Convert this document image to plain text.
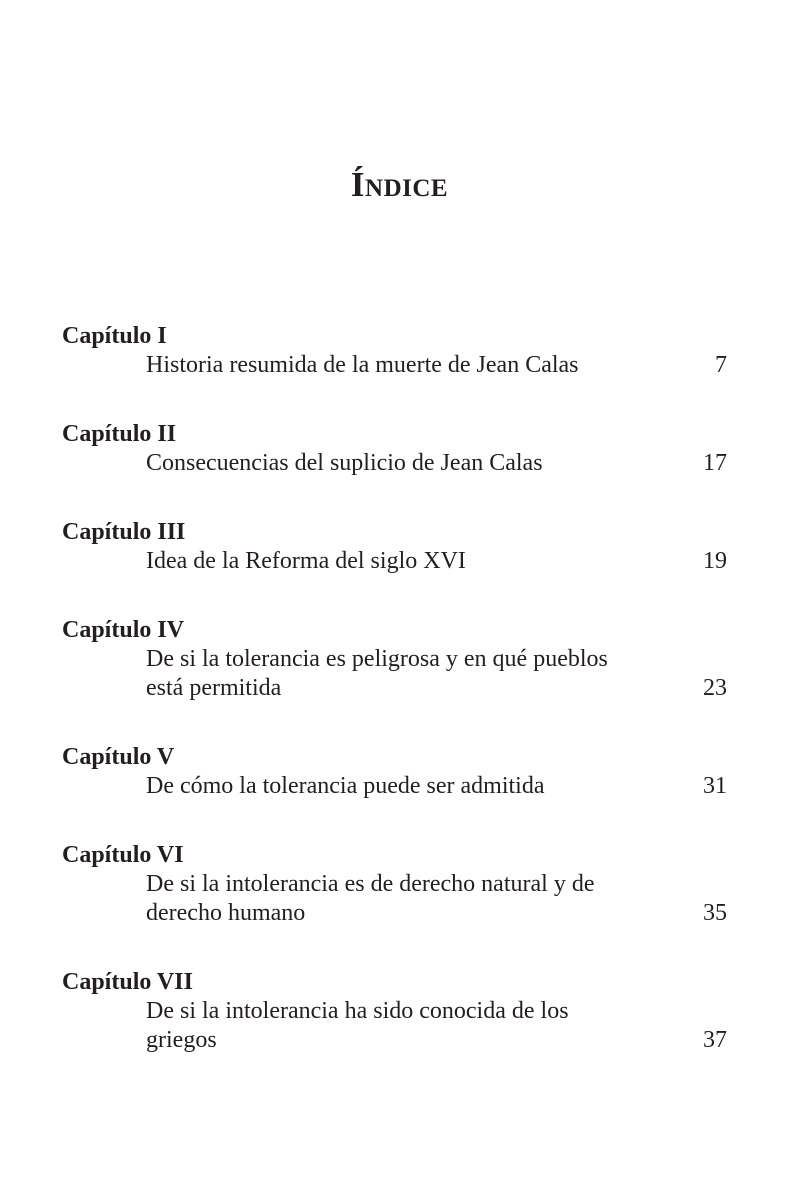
Índice
Capítulo I
Historia resumida de la muerte de Jean Calas	7
Capítulo II
Consecuencias del suplicio de Jean Calas	17
Capítulo III
Idea de la Reforma del siglo XVI	19
Capítulo IV
De si la tolerancia es peligrosa y en qué pueblos está permitida	23
Capítulo V
De cómo la tolerancia puede ser admitida	31
Capítulo VI
De si la intolerancia es de derecho natural y de derecho humano	35
Capítulo VII
De si la intolerancia ha sido conocida de los griegos	37
